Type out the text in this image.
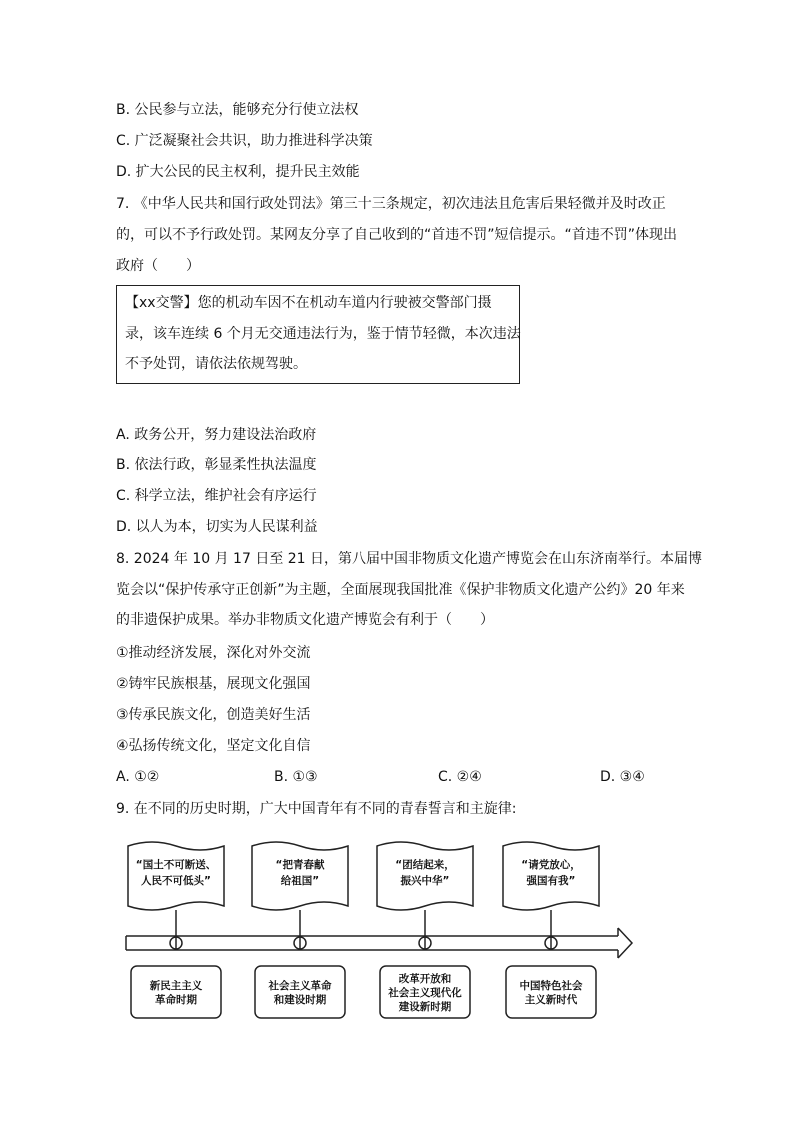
B. 公民参与立法，能够充分行使立法权
C. 广泛凝聚社会共识，助力推进科学决策
D. 扩大公民的民主权利，提升民主效能
7. 《中华人民共和国行政处罚法》第三十三条规定，初次违法且危害后果轻微并及时改正
的，可以不予行政处罚。某网友分享了自己收到的“首违不罚”短信提示。“首违不罚”体现出
政府（　　）
【xx交警】您的机动车因不在机动车道内行驶被交警部门摄
录，该车连续 6 个月无交通违法行为，鉴于情节轻微，本次违法
不予处罚，请依法依规驾驶。
A. 政务公开，努力建设法治政府
B. 依法行政，彰显柔性执法温度
C. 科学立法，维护社会有序运行
D. 以人为本，切实为人民谋利益
8. 2024 年 10 月 17 日至 21 日，第八届中国非物质文化遗产博览会在山东济南举行。本届博
览会以“保护传承守正创新”为主题，全面展现我国批准《保护非物质文化遗产公约》20 年来
的非遗保护成果。举办非物质文化遗产博览会有利于（　　）
①推动经济发展，深化对外交流
②铸牢民族根基，展现文化强国
③传承民族文化，创造美好生活
④弘扬传统文化，坚定文化自信
A. ①②	B. ①③	C. ②④	D. ③④
9. 在不同的历史时期，广大中国青年有不同的青春誓言和主旋律:
“国土不可断送、
人民不可低头”
新民主主义
革命时期
“把青春献
给祖国”
社会主义革命
和建设时期
“团结起来，
振兴中华”
改革开放和
社会主义现代化
建设新时期
“请党放心，
强国有我”
中国特色社会
主义新时代
